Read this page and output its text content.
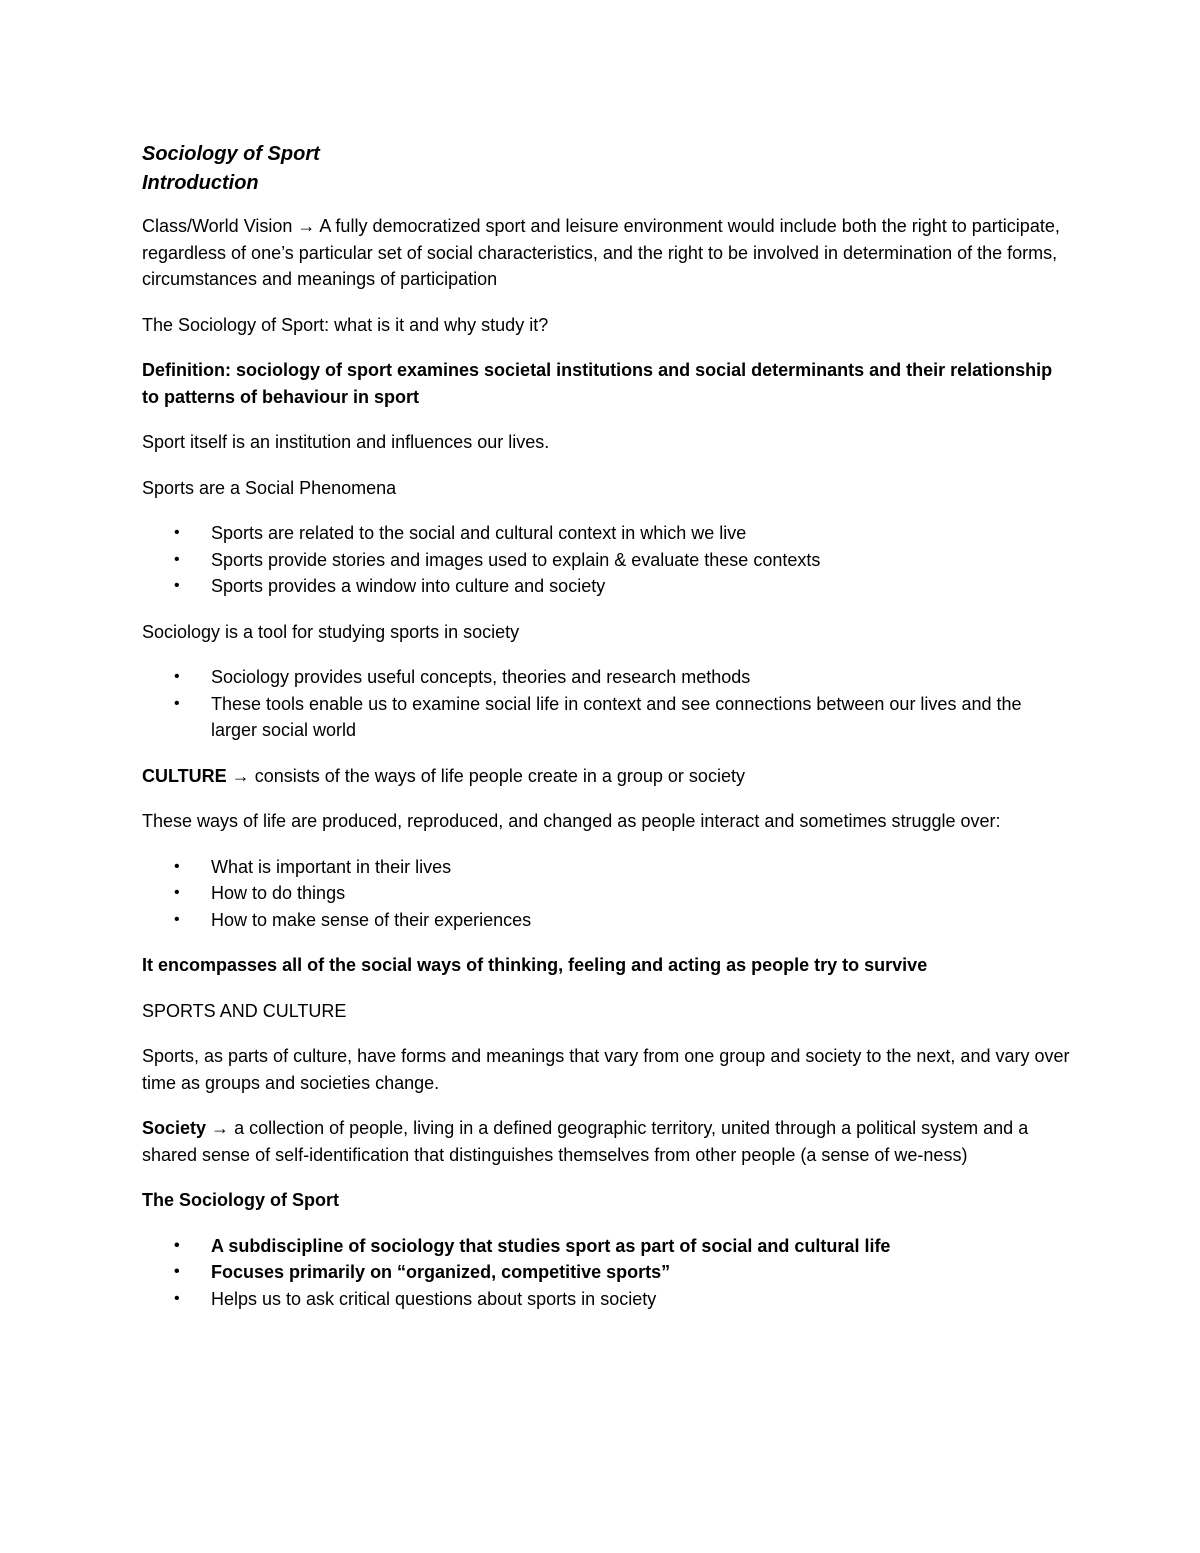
Sociology of Sport
Introduction

Class/World Vision → A fully democratized sport and leisure environment would include both the right to participate, regardless of one’s particular set of social characteristics, and the right to be involved in determination of the forms, circumstances and meanings of participation

The Sociology of Sport: what is it and why study it?

Definition: sociology of sport examines societal institutions and social determinants and their relationship to patterns of behaviour in sport

Sport itself is an institution and influences our lives.

Sports are a Social Phenomena

• Sports are related to the social and cultural context in which we live
• Sports provide stories and images used to explain & evaluate these contexts
• Sports provides a window into culture and society

Sociology is a tool for studying sports in society

• Sociology provides useful concepts, theories and research methods
• These tools enable us to examine social life in context and see connections between our lives and the larger social world

CULTURE → consists of the ways of life people create in a group or society

These ways of life are produced, reproduced, and changed as people interact and sometimes struggle over:

• What is important in their lives
• How to do things
• How to make sense of their experiences

It encompasses all of the social ways of thinking, feeling and acting as people try to survive

SPORTS AND CULTURE

Sports, as parts of culture, have forms and meanings that vary from one group and society to the next, and vary over time as groups and societies change.

Society → a collection of people, living in a defined geographic territory, united through a political system and a shared sense of self-identification that distinguishes themselves from other people (a sense of we-ness)

The Sociology of Sport

• A subdiscipline of sociology that studies sport as part of social and cultural life
• Focuses primarily on “organized, competitive sports”
• Helps us to ask critical questions about sports in society
